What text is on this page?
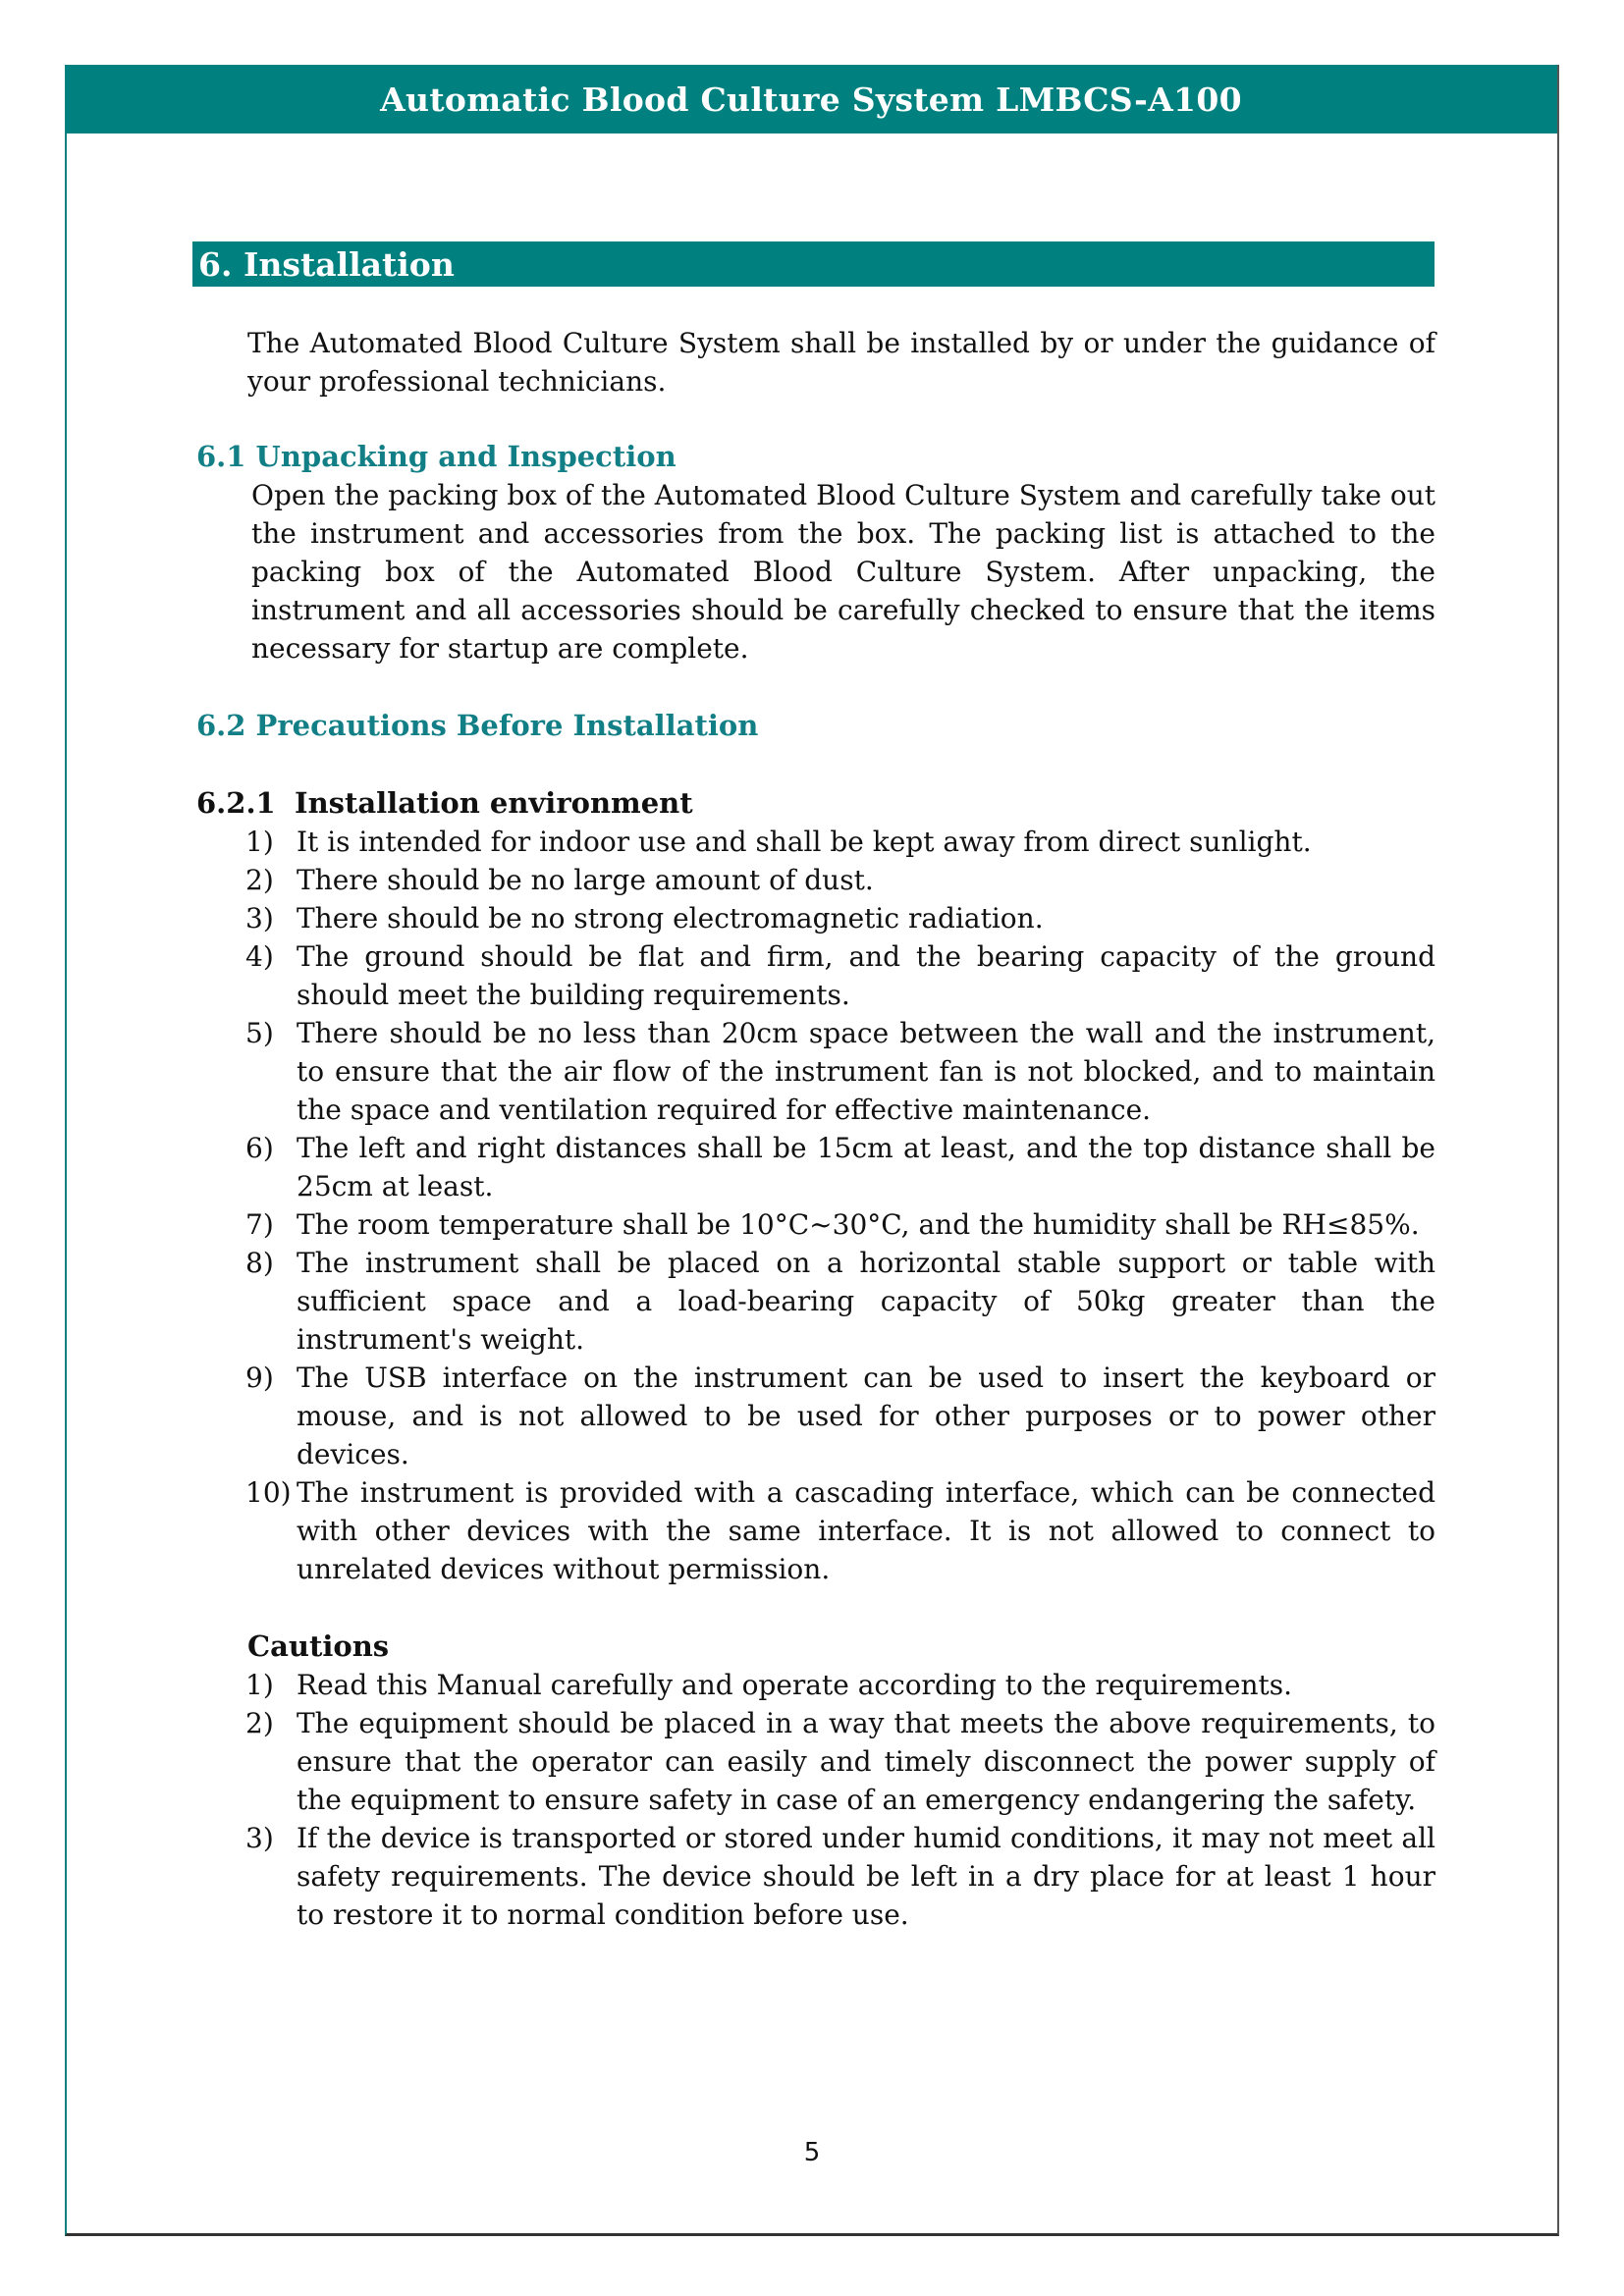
Automatic Blood Culture System LMBCS-A100
6. Installation
The Automated Blood Culture System shall be installed by or under the guidance of your professional technicians.
6.1 Unpacking and Inspection
Open the packing box of the Automated Blood Culture System and carefully take out the instrument and accessories from the box. The packing list is attached to the packing box of the Automated Blood Culture System. After unpacking, the instrument and all accessories should be carefully checked to ensure that the items necessary for startup are complete.
6.2 Precautions Before Installation
6.2.1 Installation environment
1) It is intended for indoor use and shall be kept away from direct sunlight.
2) There should be no large amount of dust.
3) There should be no strong electromagnetic radiation.
4) The ground should be flat and firm, and the bearing capacity of the ground should meet the building requirements.
5) There should be no less than 20cm space between the wall and the instrument, to ensure that the air flow of the instrument fan is not blocked, and to maintain the space and ventilation required for effective maintenance.
6) The left and right distances shall be 15cm at least, and the top distance shall be 25cm at least.
7) The room temperature shall be 10°C~30°C, and the humidity shall be RH≤85%.
8) The instrument shall be placed on a horizontal stable support or table with sufficient space and a load-bearing capacity of 50kg greater than the instrument's weight.
9) The USB interface on the instrument can be used to insert the keyboard or mouse, and is not allowed to be used for other purposes or to power other devices.
10) The instrument is provided with a cascading interface, which can be connected with other devices with the same interface. It is not allowed to connect to unrelated devices without permission.
Cautions
1) Read this Manual carefully and operate according to the requirements.
2) The equipment should be placed in a way that meets the above requirements, to ensure that the operator can easily and timely disconnect the power supply of the equipment to ensure safety in case of an emergency endangering the safety.
3) If the device is transported or stored under humid conditions, it may not meet all safety requirements. The device should be left in a dry place for at least 1 hour to restore it to normal condition before use.
5
